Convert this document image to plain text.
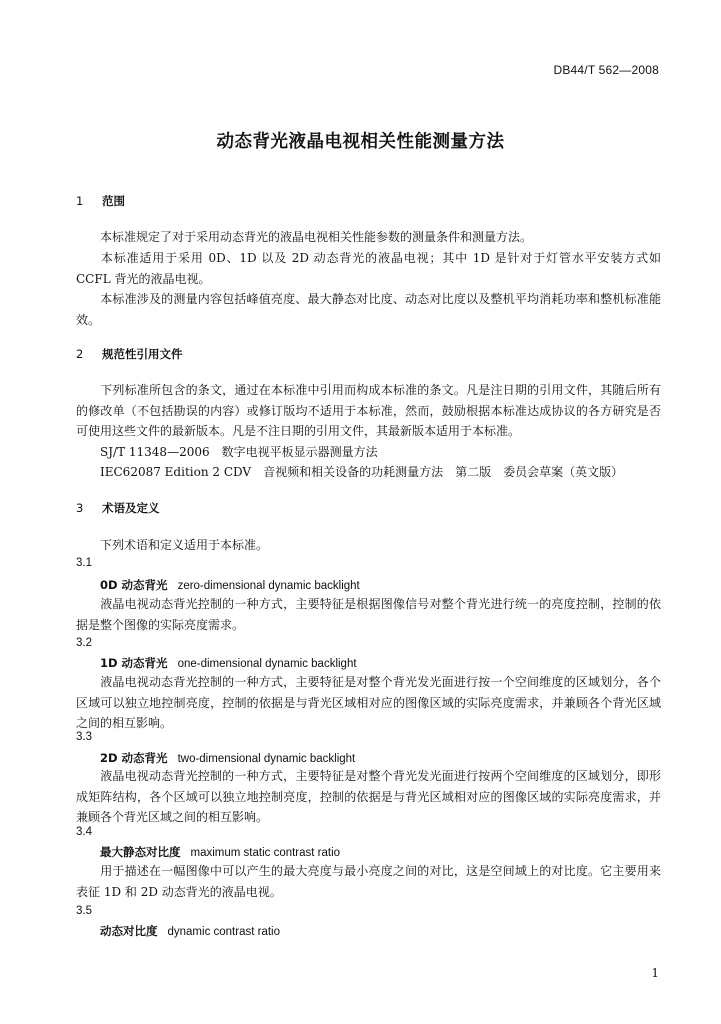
DB44/T 562—2008
动态背光液晶电视相关性能测量方法
1 范围
本标准规定了对于采用动态背光的液晶电视相关性能参数的测量条件和测量方法。
本标准适用于采用 0D、1D 以及 2D 动态背光的液晶电视；其中 1D 是针对于灯管水平安装方式如 CCFL 背光的液晶电视。
本标准涉及的测量内容包括峰值亮度、最大静态对比度、动态对比度以及整机平均消耗功率和整机标准能效。
2 规范性引用文件
下列标准所包含的条文，通过在本标准中引用而构成本标准的条文。凡是注日期的引用文件，其随后所有的修改单（不包括勘误的内容）或修订版均不适用于本标准，然而，鼓励根据本标准达成协议的各方研究是否可使用这些文件的最新版本。凡是不注日期的引用文件，其最新版本适用于本标准。
SJ/T 11348—2006　数字电视平板显示器测量方法
IEC62087 Edition 2 CDV　音视频和相关设备的功耗测量方法　第二版　委员会草案（英文版）
3 术语及定义
下列术语和定义适用于本标准。
3.1
0D 动态背光 zero-dimensional dynamic backlight
液晶电视动态背光控制的一种方式，主要特征是根据图像信号对整个背光进行统一的亮度控制，控制的依据是整个图像的实际亮度需求。
3.2
1D 动态背光 one-dimensional dynamic backlight
液晶电视动态背光控制的一种方式，主要特征是对整个背光发光面进行按一个空间维度的区域划分，各个区域可以独立地控制亮度，控制的依据是与背光区域相对应的图像区域的实际亮度需求，并兼顾各个背光区域之间的相互影响。
3.3
2D 动态背光 two-dimensional dynamic backlight
液晶电视动态背光控制的一种方式，主要特征是对整个背光发光面进行按两个空间维度的区域划分，即形成矩阵结构，各个区域可以独立地控制亮度，控制的依据是与背光区域相对应的图像区域的实际亮度需求，并兼顾各个背光区域之间的相互影响。
3.4
最大静态对比度 maximum static contrast ratio
用于描述在一幅图像中可以产生的最大亮度与最小亮度之间的对比，这是空间域上的对比度。它主要用来表征 1D 和 2D 动态背光的液晶电视。
3.5
动态对比度 dynamic contrast ratio
1
